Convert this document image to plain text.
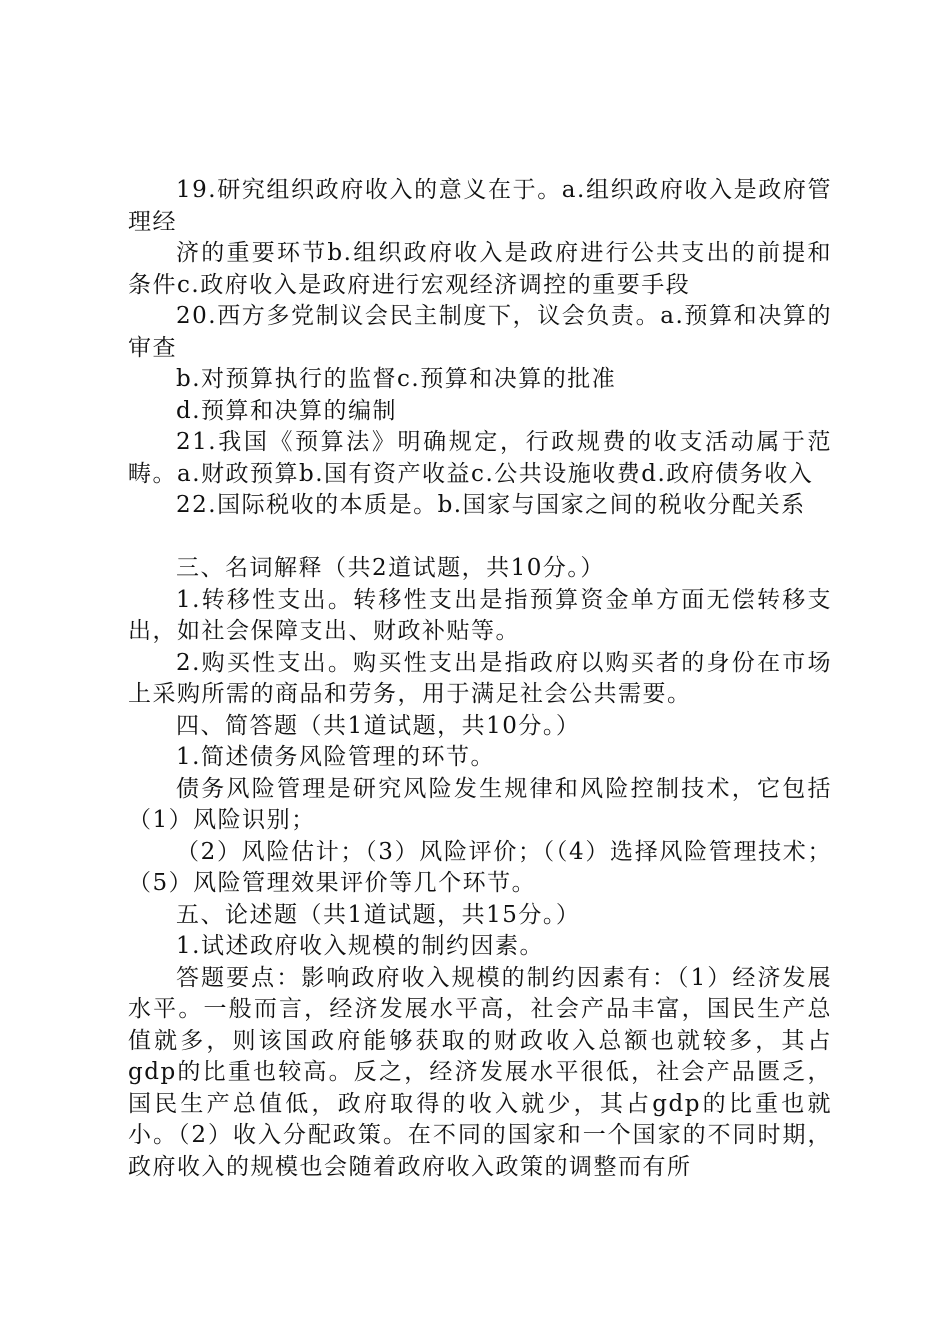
19.研究组织政府收入的意义在于。a.组织政府收入是政府管理经

济的重要环节b.组织政府收入是政府进行公共支出的前提和条件c.政府收入是政府进行宏观经济调控的重要手段

20.西方多党制议会民主制度下，议会负责。a.预算和决算的审查

b.对预算执行的监督c.预算和决算的批准

d.预算和决算的编制

21.我国《预算法》明确规定，行政规费的收支活动属于范畴。a.财政预算b.国有资产收益c.公共设施收费d.政府债务收入

22.国际税收的本质是。b.国家与国家之间的税收分配关系

三、名词解释（共2道试题，共10分。）

1.转移性支出。转移性支出是指预算资金单方面无偿转移支出，如社会保障支出、财政补贴等。

2.购买性支出。购买性支出是指政府以购买者的身份在市场上采购所需的商品和劳务，用于满足社会公共需要。

四、简答题（共1道试题，共10分。）

1.简述债务风险管理的环节。

债务风险管理是研究风险发生规律和风险控制技术，它包括（1）风险识别；

（2）风险估计；（3）风险评价；（（4）选择风险管理技术；（5）风险管理效果评价等几个环节。

五、论述题（共1道试题，共15分。）

1.试述政府收入规模的制约因素。

答题要点：影响政府收入规模的制约因素有：（1）经济发展水平。一般而言，经济发展水平高，社会产品丰富，国民生产总值就多，则该国政府能够获取的财政收入总额也就较多，其占gdp的比重也较高。反之，经济发展水平很低，社会产品匮乏，国民生产总值低，政府取得的收入就少，其占gdp的比重也就小。（2）收入分配政策。在不同的国家和一个国家的不同时期，政府收入的规模也会随着政府收入政策的调整而有所
